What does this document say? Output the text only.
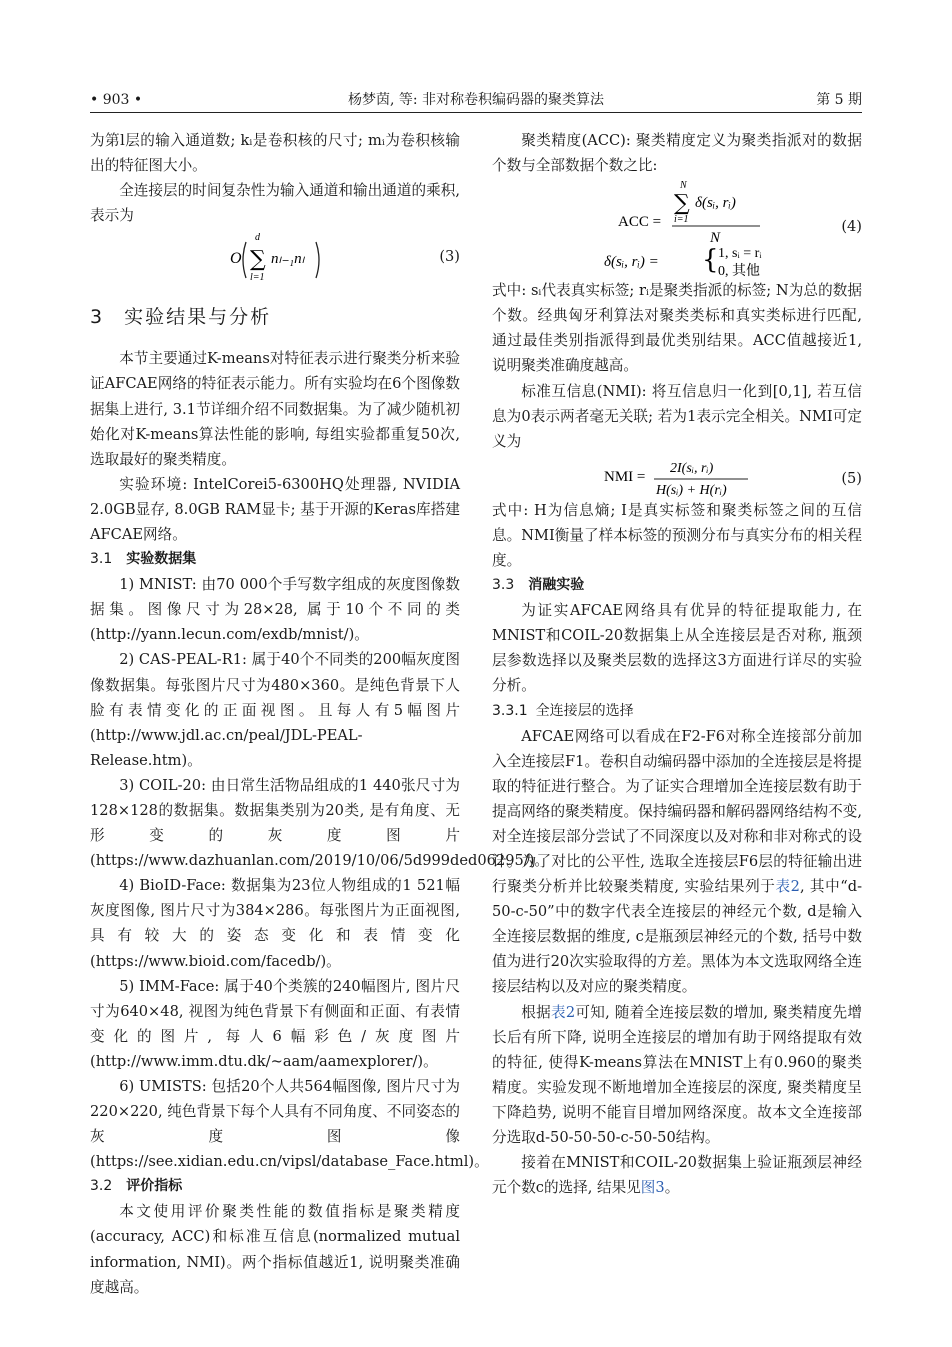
• 903 •	杨梦茵, 等: 非对称卷积编码器的聚类算法	第 5 期

为第l层的输入通道数; kᵢ是卷积核的尺寸; mᵢ为卷积核输出的特征图大小。

全连接层的时间复杂性为输入通道和输出通道的乘积, 表示为

O
d
∑
l=1
nₗ₋₁nₗ	(3)
3 实验结果与分析

本节主要通过K-means对特征表示进行聚类分析来验证AFCAE网络的特征表示能力。所有实验均在6个图像数据集上进行, 3.1节详细介绍不同数据集。为了减少随机初始化对K-means算法性能的影响, 每组实验都重复50次, 选取最好的聚类精度。

实验环境: IntelCorei5-6300HQ处理器, NVIDIA 2.0GB显存, 8.0GB RAM显卡; 基于开源的Keras库搭建AFCAE网络。

3.1 实验数据集

1) MNIST: 由70 000个手写数字组成的灰度图像数据集。图像尺寸为28×28, 属于10个不同的类(http://yann.lecun.com/exdb/mnist/)。

2) CAS-PEAL-R1: 属于40个不同类的200幅灰度图像数据集。每张图片尺寸为480×360。是纯色背景下人脸有表情变化的正面视图。且每人有5幅图片(http://www.jdl.ac.cn/peal/JDL-PEAL-Release.htm)。

3) COIL-20: 由日常生活物品组成的1 440张尺寸为128×128的数据集。数据集类别为20类, 是有角度、无形变的灰度图片(https://www.dazhuanlan.com/2019/10/06/5d999ded06295/)。

4) BioID-Face: 数据集为23位人物组成的1 521幅灰度图像, 图片尺寸为384×286。每张图片为正面视图, 具有较大的姿态变化和表情变化(https://www.bioid.com/facedb/)。

5) IMM-Face: 属于40个类簇的240幅图片, 图片尺寸为640×48, 视图为纯色背景下有侧面和正面、有表情变化的图片, 每人6幅彩色/灰度图片(http://www.imm.dtu.dk/~aam/aamexplorer/)。

6) UMISTS: 包括20个人共564幅图像, 图片尺寸为220×220, 纯色背景下每个人具有不同角度、不同姿态的灰度图像(https://see.xidian.edu.cn/vipsl/database_Face.html)。

3.2 评价指标

本文使用评价聚类性能的数值指标是聚类精度(accuracy, ACC)和标准互信息(normalized mutual information, NMI)。两个指标值越近1, 说明聚类准确度越高。

聚类精度(ACC): 聚类精度定义为聚类指派对的数据个数与全部数据个数之比:

ACC =
N
∑
i=1
δ(sᵢ, rᵢ)
N
δ(sᵢ, rᵢ) = { 1, sᵢ = rᵢ
0, 其他
(4)

式中: sᵢ代表真实标签; rᵢ是聚类指派的标签; N为总的数据个数。经典匈牙利算法对聚类类标和真实类标进行匹配, 通过最佳类别指派得到最优类别结果。ACC值越接近1, 说明聚类准确度越高。

标准互信息(NMI): 将互信息归一化到[0,1], 若互信息为0表示两者毫无关联; 若为1表示完全相关。NMI可定义为

NMI =
2I(sᵢ, rᵢ)
H(sᵢ) + H(rᵢ)
(5)

式中: H为信息熵; I是真实标签和聚类标签之间的互信息。NMI衡量了样本标签的预测分布与真实分布的相关程度。

3.3 消融实验

为证实AFCAE网络具有优异的特征提取能力, 在MNIST和COIL-20数据集上从全连接层是否对称, 瓶颈层参数选择以及聚类层数的选择这3方面进行详尽的实验分析。

3.3.1 全连接层的选择

AFCAE网络可以看成在F2-F6对称全连接部分前加入全连接层F1。卷积自动编码器中添加的全连接层是将提取的特征进行整合。为了证实合理增加全连接层数有助于提高网络的聚类精度。保持编码器和解码器网络结构不变, 对全连接层部分尝试了不同深度以及对称和非对称式的设计。为了对比的公平性, 选取全连接层F6层的特征输出进行聚类分析并比较聚类精度, 实验结果列于表2, 其中“d-50-c-50”中的数字代表全连接层的神经元个数, d是输入全连接层数据的维度, c是瓶颈层神经元的个数, 括号中数值为进行20次实验取得的方差。黑体为本文选取网络全连接层结构以及对应的聚类精度。

根据表2可知, 随着全连接层数的增加, 聚类精度先增长后有所下降, 说明全连接层的增加有助于网络提取有效的特征, 使得K-means算法在MNIST上有0.960的聚类精度。实验发现不断地增加全连接层的深度, 聚类精度呈下降趋势, 说明不能盲目增加网络深度。故本文全连接部分选取d-50-50-50-c-50-50结构。

接着在MNIST和COIL-20数据集上验证瓶颈层神经元个数c的选择, 结果见图3。
